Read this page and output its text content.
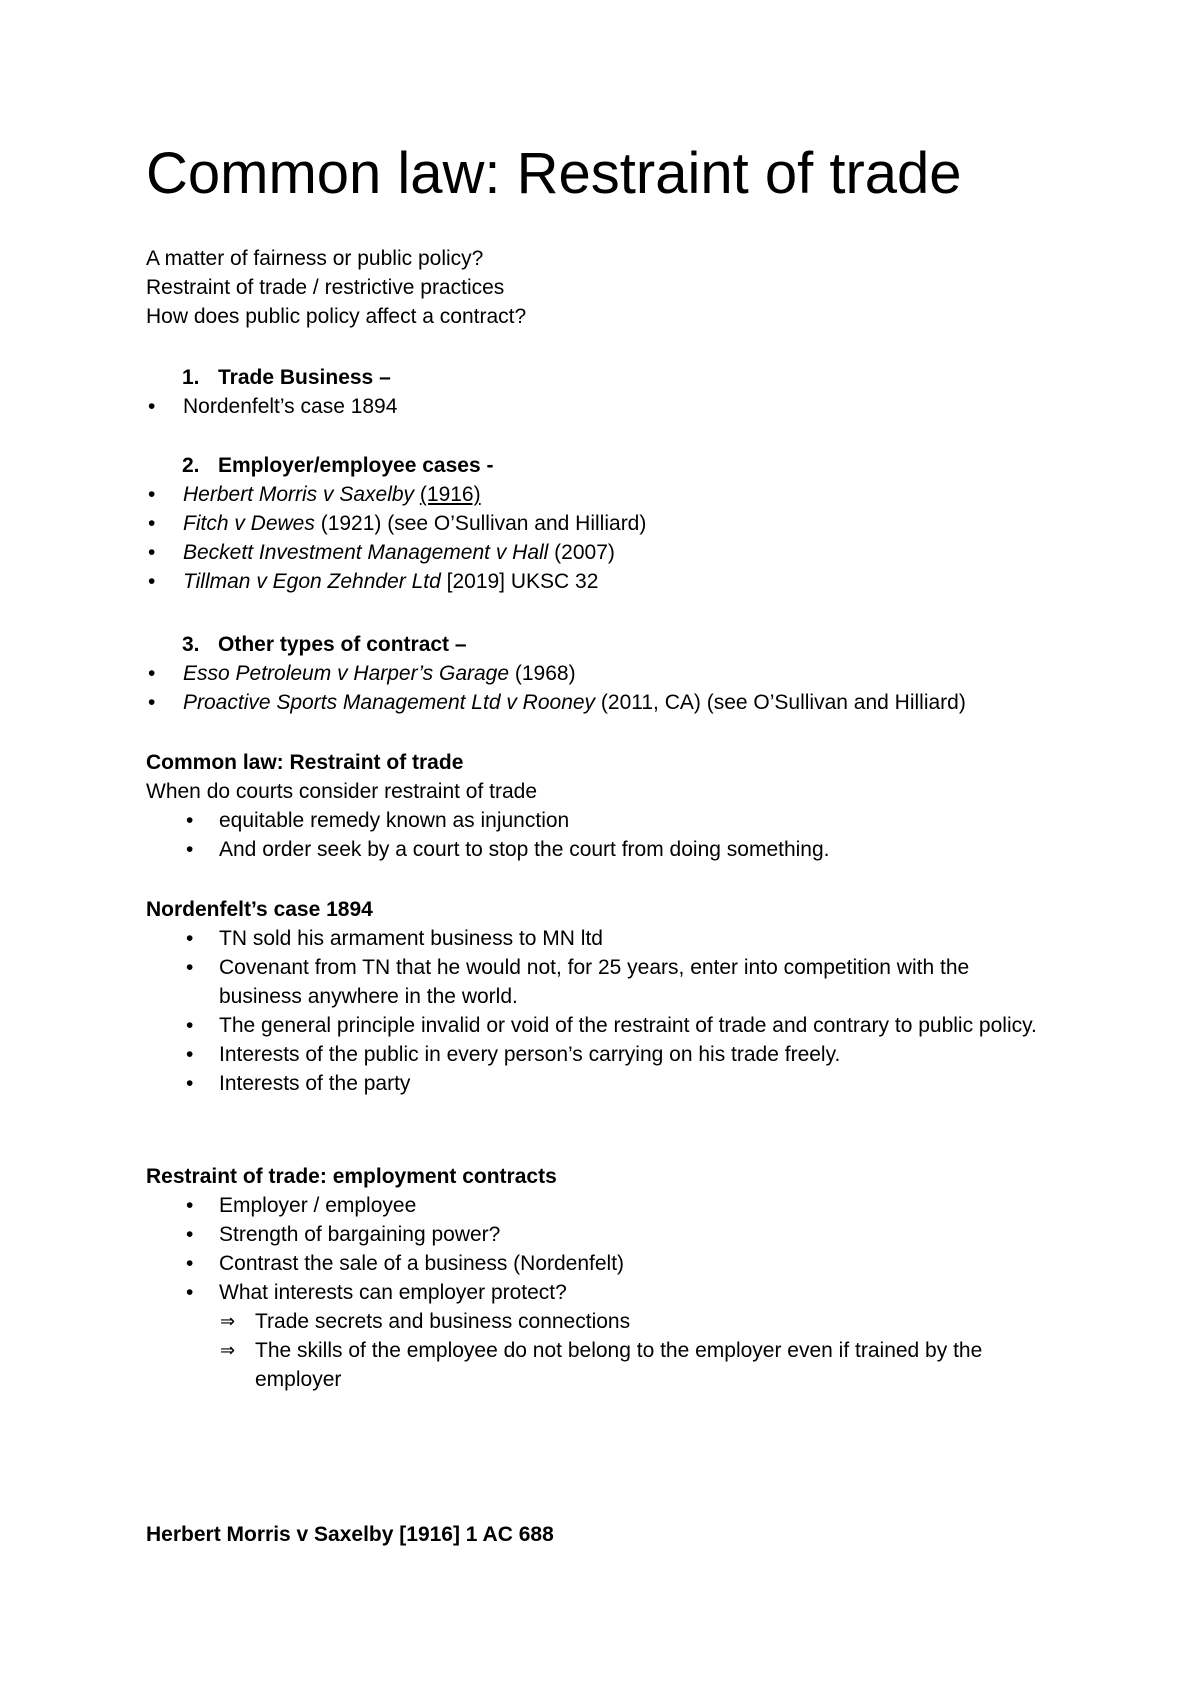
Common law: Restraint of trade

A matter of fairness or public policy?

Restraint of trade / restrictive practices

How does public policy affect a contract?

1. Trade Business –

• Nordenfelt’s case 1894

2. Employer/employee cases -

• Herbert Morris v Saxelby (1916)

• Fitch v Dewes (1921) (see O’Sullivan and Hilliard)

• Beckett Investment Management v Hall (2007)

• Tillman v Egon Zehnder Ltd [2019] UKSC 32

3. Other types of contract –

• Esso Petroleum v Harper’s Garage (1968)

• Proactive Sports Management Ltd v Rooney (2011, CA) (see O’Sullivan and Hilliard)

Common law: Restraint of trade

When do courts consider restraint of trade

• equitable remedy known as injunction

• And order seek by a court to stop the court from doing something.

Nordenfelt’s case 1894

• TN sold his armament business to MN ltd

• Covenant from TN that he would not, for 25 years, enter into competition with the business anywhere in the world.

• The general principle invalid or void of the restraint of trade and contrary to public policy.

• Interests of the public in every person’s carrying on his trade freely.

• Interests of the party

Restraint of trade: employment contracts

• Employer / employee

• Strength of bargaining power?

• Contrast the sale of a business (Nordenfelt)

• What interests can employer protect?

⇒ Trade secrets and business connections

⇒ The skills of the employee do not belong to the employer even if trained by the employer

Herbert Morris v Saxelby [1916] 1 AC 688
